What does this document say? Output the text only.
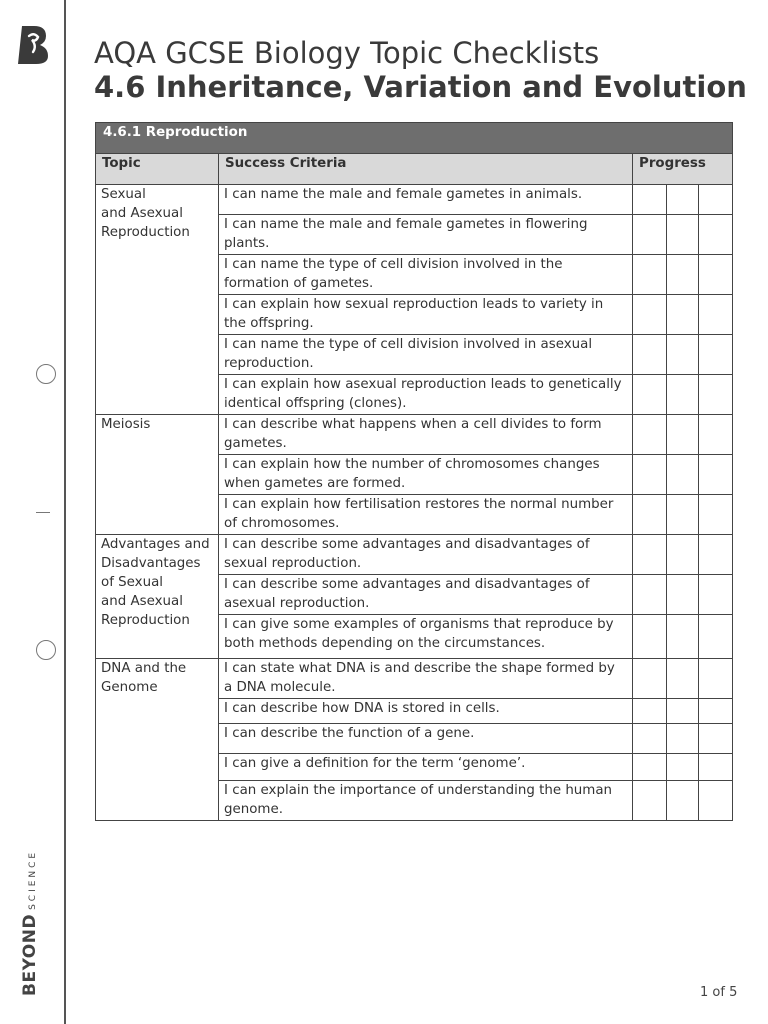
BEYONDSCIENCE
AQA GCSE Biology Topic Checklists
4.6 Inheritance, Variation and Evolution
4.6.1 Reproduction				
Topic	Success Criteria	Progress		

Sexual
and Asexual
Reproduction	I can name the male and female gametes in animals.			
	I can name the male and female gametes in flowering plants.			
	I can name the type of cell division involved in the formation of gametes.			
	I can explain how sexual reproduction leads to variety in the offspring.			
	I can name the type of cell division involved in asexual reproduction.			
	I can explain how asexual reproduction leads to genetically identical offspring (clones).			

Meiosis	I can describe what happens when a cell divides to form gametes.			
	I can explain how the number of chromosomes changes when gametes are formed.			
	I can explain how fertilisation restores the normal number of chromosomes.			

Advantages and
Disadvantages
of Sexual
and Asexual
Reproduction	I can describe some advantages and disadvantages of sexual reproduction.			
	I can describe some advantages and disadvantages of asexual reproduction.			
	I can give some examples of organisms that reproduce by both methods depending on the circumstances.			

DNA and the
Genome	I can state what DNA is and describe the shape formed by a DNA molecule.			
	I can describe how DNA is stored in cells.			
	I can describe the function of a gene.			
	I can give a definition for the term ‘genome’.			
	I can explain the importance of understanding the human genome.			
1 of 5
